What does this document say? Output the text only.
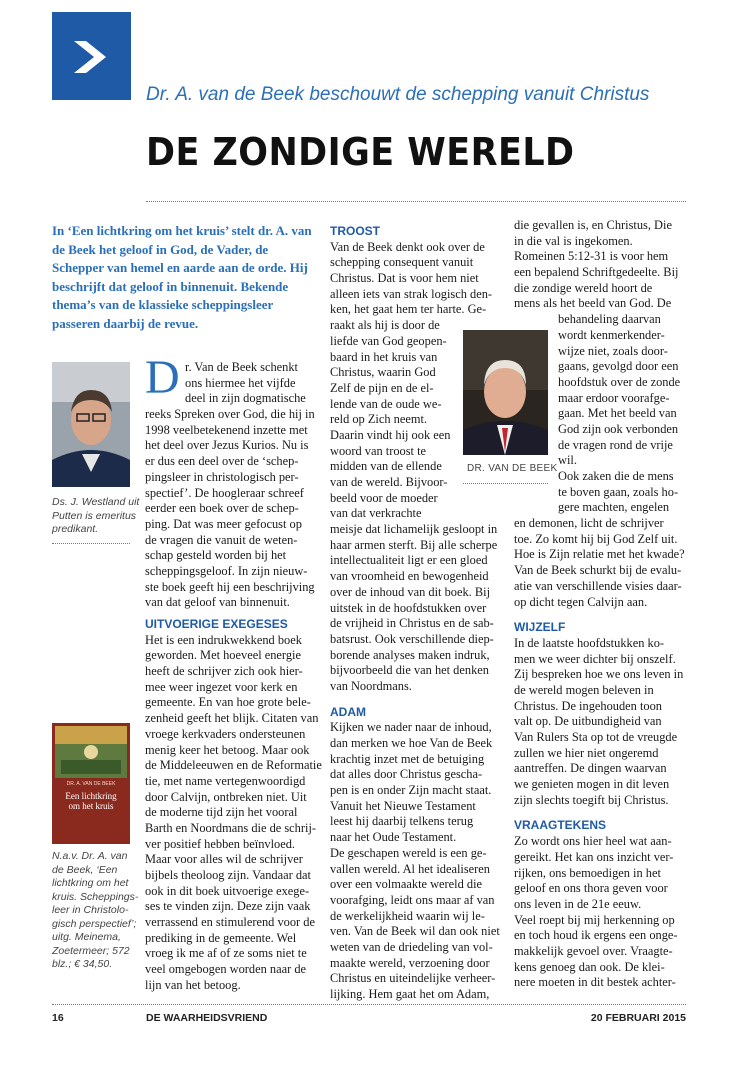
Dr. A. van de Beek beschouwt de schepping vanuit Christus
DE ZONDIGE WERELD
In ‘Een lichtkring om het kruis’ stelt dr. A. van de Beek het geloof in God, de Vader, de Schepper van hemel en aarde aan de orde. Hij beschrijft dat geloof in binnenuit. Bekende thema’s van de klassieke scheppingsleer passeren daarbij de revue.
Ds. J. Westland uit
Putten is emeritus
predikant.
DR. A. VAN DE BEEK
Een lichtkring
om het kruis
N.a.v. Dr. A. van
de Beek, ‘Een
lichtkring om het
kruis. Scheppings-
leer in Christolo-
gisch perspectief’;
uitg. Meinema,
Zoetermeer; 572
blz.; € 34,50.
D r. Van de Beek schenkt
ons hiermee het vijfde
deel in zijn dogmatische
reeks Spreken over God, die hij in
1998 veelbetekenend inzette met
het deel over Jezus Kurios. Nu is
er dus een deel over de ‘schep-
pingsleer in christologisch per-
spectief’. De hoogleraar schreef
eerder een boek over de schep-
ping. Dat was meer gefocust op
de vragen die vanuit de weten-
schap gesteld worden bij het
scheppingsgeloof. In zijn nieuw-
ste boek geeft hij een beschrijving
van dat geloof van binnenuit.
UITVOERIGE EXEGESES
Het is een indrukwekkend boek
geworden. Met hoeveel energie
heeft de schrijver zich ook hier-
mee weer ingezet voor kerk en
gemeente. En van hoe grote bele-
zenheid geeft het blijk. Citaten van
vroege kerkvaders ondersteunen
menig keer het betoog. Maar ook
de Middeleeuwen en de Reformatie
tie, met name vertegenwoordigd
door Calvijn, ontbreken niet. Uit
de moderne tijd zijn het vooral
Barth en Noordmans die de schrij-
ver positief hebben beïnvloed.
Maar voor alles wil de schrijver
bijbels theoloog zijn. Vandaar dat
ook in dit boek uitvoerige exege-
ses te vinden zijn. Deze zijn vaak
verrassend en stimulerend voor de
prediking in de gemeente. Wel
vroeg ik me af of ze soms niet te
veel omgebogen worden naar de
lijn van het betoog.
TROOST
Van de Beek denkt ook over de
schepping consequent vanuit
Christus. Dat is voor hem niet
alleen iets van strak logisch den-
ken, het gaat hem ter harte. Ge-
raakt als hij is door de
liefde van God geopen-
baard in het kruis van
Christus, waarin God
Zelf de pijn en de el-
lende van de oude we-
reld op Zich neemt.
Daarin vindt hij ook een
woord van troost te
midden van de ellende
van de wereld. Bijvoor-
beeld voor de moeder
van dat verkrachte
meisje dat lichamelijk gesloopt in
haar armen sterft. Bij alle scherpe
intellectualiteit ligt er een gloed
van vroomheid en bewogenheid
over de inhoud van dit boek. Bij
uitstek in de hoofdstukken over
de vrijheid in Christus en de sab-
batsrust. Ook verschillende diep-
borende analyses maken indruk,
bijvoorbeeld die van het denken
van Noordmans.
ADAM
Kijken we nader naar de inhoud,
dan merken we hoe Van de Beek
krachtig inzet met de betuiging
dat alles door Christus gescha-
pen is en onder Zijn macht staat.
Vanuit het Nieuwe Testament
leest hij daarbij telkens terug
naar het Oude Testament.
De geschapen wereld is een ge-
vallen wereld. Al het idealiseren
over een volmaakte wereld die
voorafging, leidt ons maar af van
de werkelijkheid waarin wij le-
ven. Van de Beek wil dan ook niet
weten van de driedeling van vol-
maakte wereld, verzoening door
Christus en uiteindelijke verheer-
lijking. Hem gaat het om Adam,
DR. VAN DE BEEK
die gevallen is, en Christus, Die
in die val is ingekomen.
Romeinen 5:12-31 is voor hem
een bepalend Schriftgedeelte. Bij
die zondige wereld hoort de
mens als het beeld van God. De
behandeling daarvan
wordt kenmerkender-
wijze niet, zoals door-
gaans, gevolgd door een
hoofdstuk over de zonde
maar erdoor voorafge-
gaan. Met het beeld van
God zijn ook verbonden
de vragen rond de vrije
wil.
Ook zaken die de mens
te boven gaan, zoals ho-
gere machten, engelen
en demonen, licht de schrijver
toe. Zo komt hij bij God Zelf uit.
Hoe is Zijn relatie met het kwade?
Van de Beek schurkt bij de evalu-
atie van verschillende visies daar-
op dicht tegen Calvijn aan.
WIJZELF
In de laatste hoofdstukken ko-
men we weer dichter bij onszelf.
Zij bespreken hoe we ons leven in
de wereld mogen beleven in
Christus. De ingehouden toon
valt op. De uitbundigheid van
Van Rulers Sta op tot de vreugde
zullen we hier niet ongeremd
aantreffen. De dingen waarvan
we genieten mogen in dit leven
zijn slechts toegift bij Christus.
VRAAGTEKENS
Zo wordt ons hier heel wat aan-
gereikt. Het kan ons inzicht ver-
rijken, ons bemoedigen in het
geloof en ons thora geven voor
ons leven in de 21e eeuw.
Veel roept bij mij herkenning op
en toch houd ik ergens een onge-
makkelijk gevoel over. Vraagte-
kens genoeg dan ook. De klei-
nere moeten in dit bestek achter-
16	DE WAARHEIDSVRIEND	20 FEBRUARI 2015
